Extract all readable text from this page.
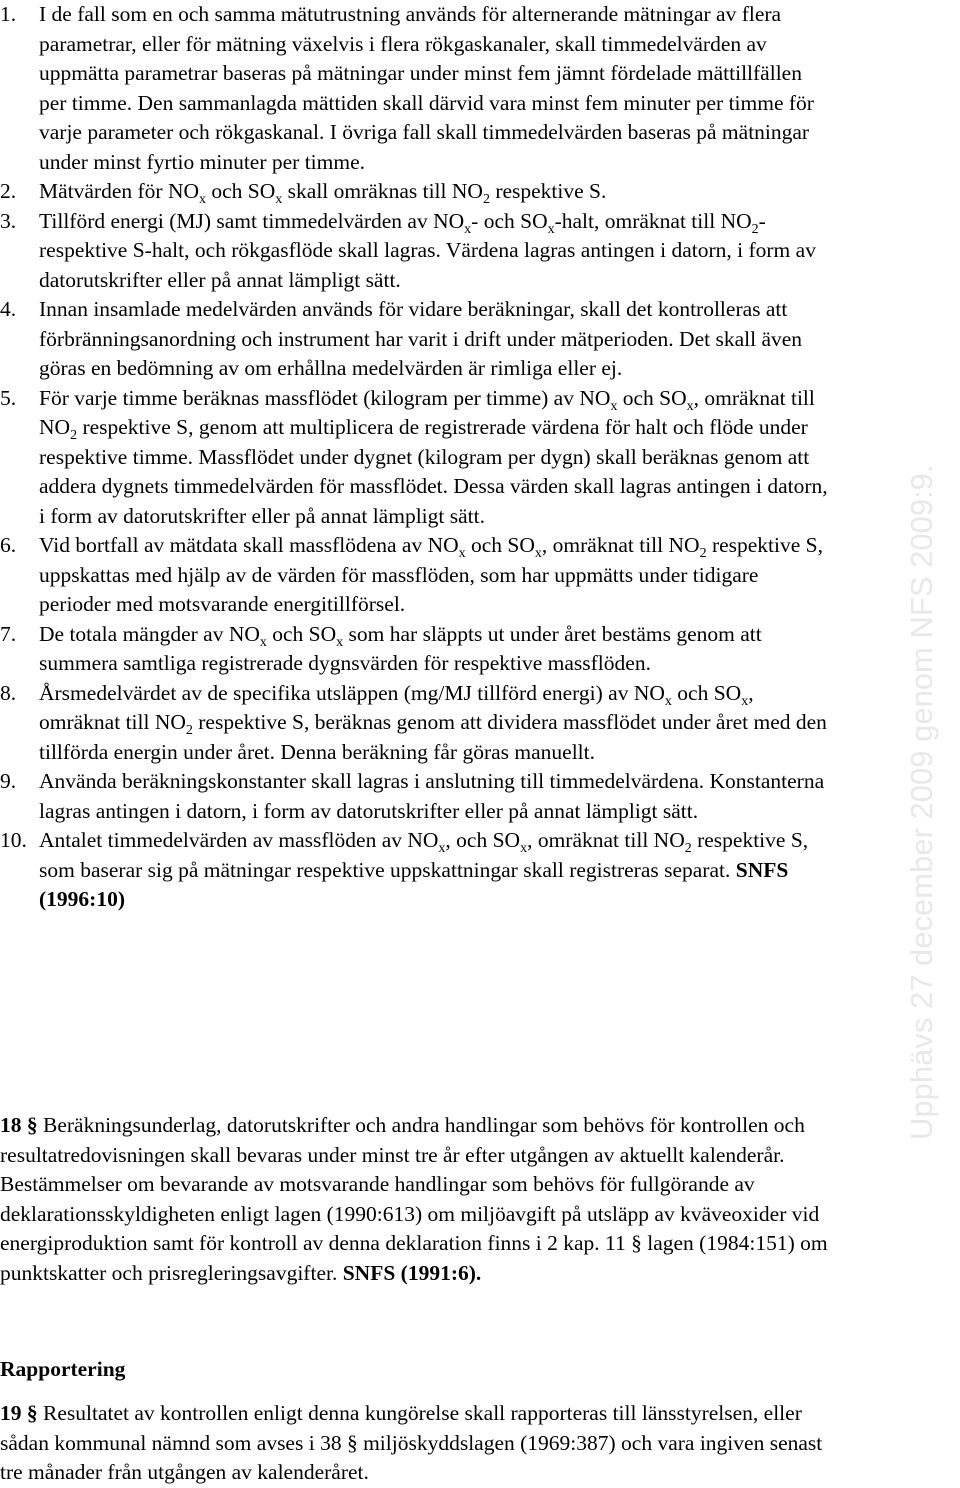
1. I de fall som en och samma mätutrustning används för alternerande mätningar av flera parametrar, eller för mätning växelvis i flera rökgaskanaler, skall timmedelvärden av uppmätta parametrar baseras på mätningar under minst fem jämnt fördelade mättillfällen per timme. Den sammanlagda mättiden skall därvid vara minst fem minuter per timme för varje parameter och rökgaskanal. I övriga fall skall timmedelvärden baseras på mätningar under minst fyrtio minuter per timme.
2. Mätvärden för $NO_x$ och $SO_x$ skall omräknas till $NO_2$ respektive S.
3. Tillförd energi (MJ) samt timmedelvärden av $NO_x-$ och $SO_x$-halt, omräknat till $NO_2-$ respektive S-halt, och rökgasflöde skall lagras. Värdena lagras antingen i datorn, i form av datorutskrifter eller på annat lämpligt sätt.
4. Innan insamlade medelvärden används för vidare beräkningar, skall det kontrolleras att förbränningsanordning och instrument har varit i drift under mätperioden. Det skall även göras en bedömning av om erhållna medelvärden är rimliga eller ej.
5. För varje timme beräknas massflödet (kilogram per timme) av $NO_x$ och $SO_x$, omräknat till $NO_2$ respektive S, genom att multiplicera de registrerade värdena för halt och flöde under respektive timme. Massflödet under dygnet (kilogram per dygn) skall beräknas genom att addera dygnets timmedelvärden för massflödet. Dessa värden skall lagras antingen i datorn, i form av datorutskrifter eller på annat lämpligt sätt.
6. Vid bortfall av mätdata skall massflödena av $NO_x$ och $SO_x$, omräknat till $NO_2$ respektive S, uppskattas med hjälp av de värden för massflöden, som har uppmätts under tidigare perioder med motsvarande energitillförsel.
7. De totala mängder av $NO_x$ och $SO_x$ som har släppts ut under året bestäms genom att summera samtliga registrerade dygnsvärden för respektive massflöden.
8. Årsmedelvärdet av de specifika utsläppen (mg/MJ tillförd energi) av $NO_x$ och $SO_x$, omräknat till $NO_2$ respektive S, beräknas genom att dividera massflödet under året med den tillförda energin under året. Denna beräkning får göras manuellt.
9. Använda beräkningskonstanter skall lagras i anslutning till timmedelvärdena. Konstanterna lagras antingen i datorn, i form av datorutskrifter eller på annat lämpligt sätt.
10. Antalet timmedelvärden av massflöden av $NO_x$, och $SO_x$, omräknat till $NO_2$ respektive S, som baserar sig på mätningar respektive uppskattningar skall registreras separat. SNFS (1996:10)
18 § Beräkningsunderlag, datorutskrifter och andra handlingar som behövs för kontrollen och resultatredovisningen skall bevaras under minst tre år efter utgången av aktuellt kalenderår. Bestämmelser om bevarande av motsvarande handlingar som behövs för fullgörande av deklarationsskyldigheten enligt lagen (1990:613) om miljöavgift på utsläpp av kväveoxider vid energiproduktion samt för kontroll av denna deklaration finns i 2 kap. 11 § lagen (1984:151) om punktskatter och prisregleringsavgifter. SNFS (1991:6).
Rapportering
19 § Resultatet av kontrollen enligt denna kungörelse skall rapporteras till länsstyrelsen, eller sådan kommunal nämnd som avses i 38 § miljöskyddslagen (1969:387) och vara ingiven senast tre månader från utgången av kalenderåret.
Upphävs 27 december 2009 genom NFS 2009:9.
